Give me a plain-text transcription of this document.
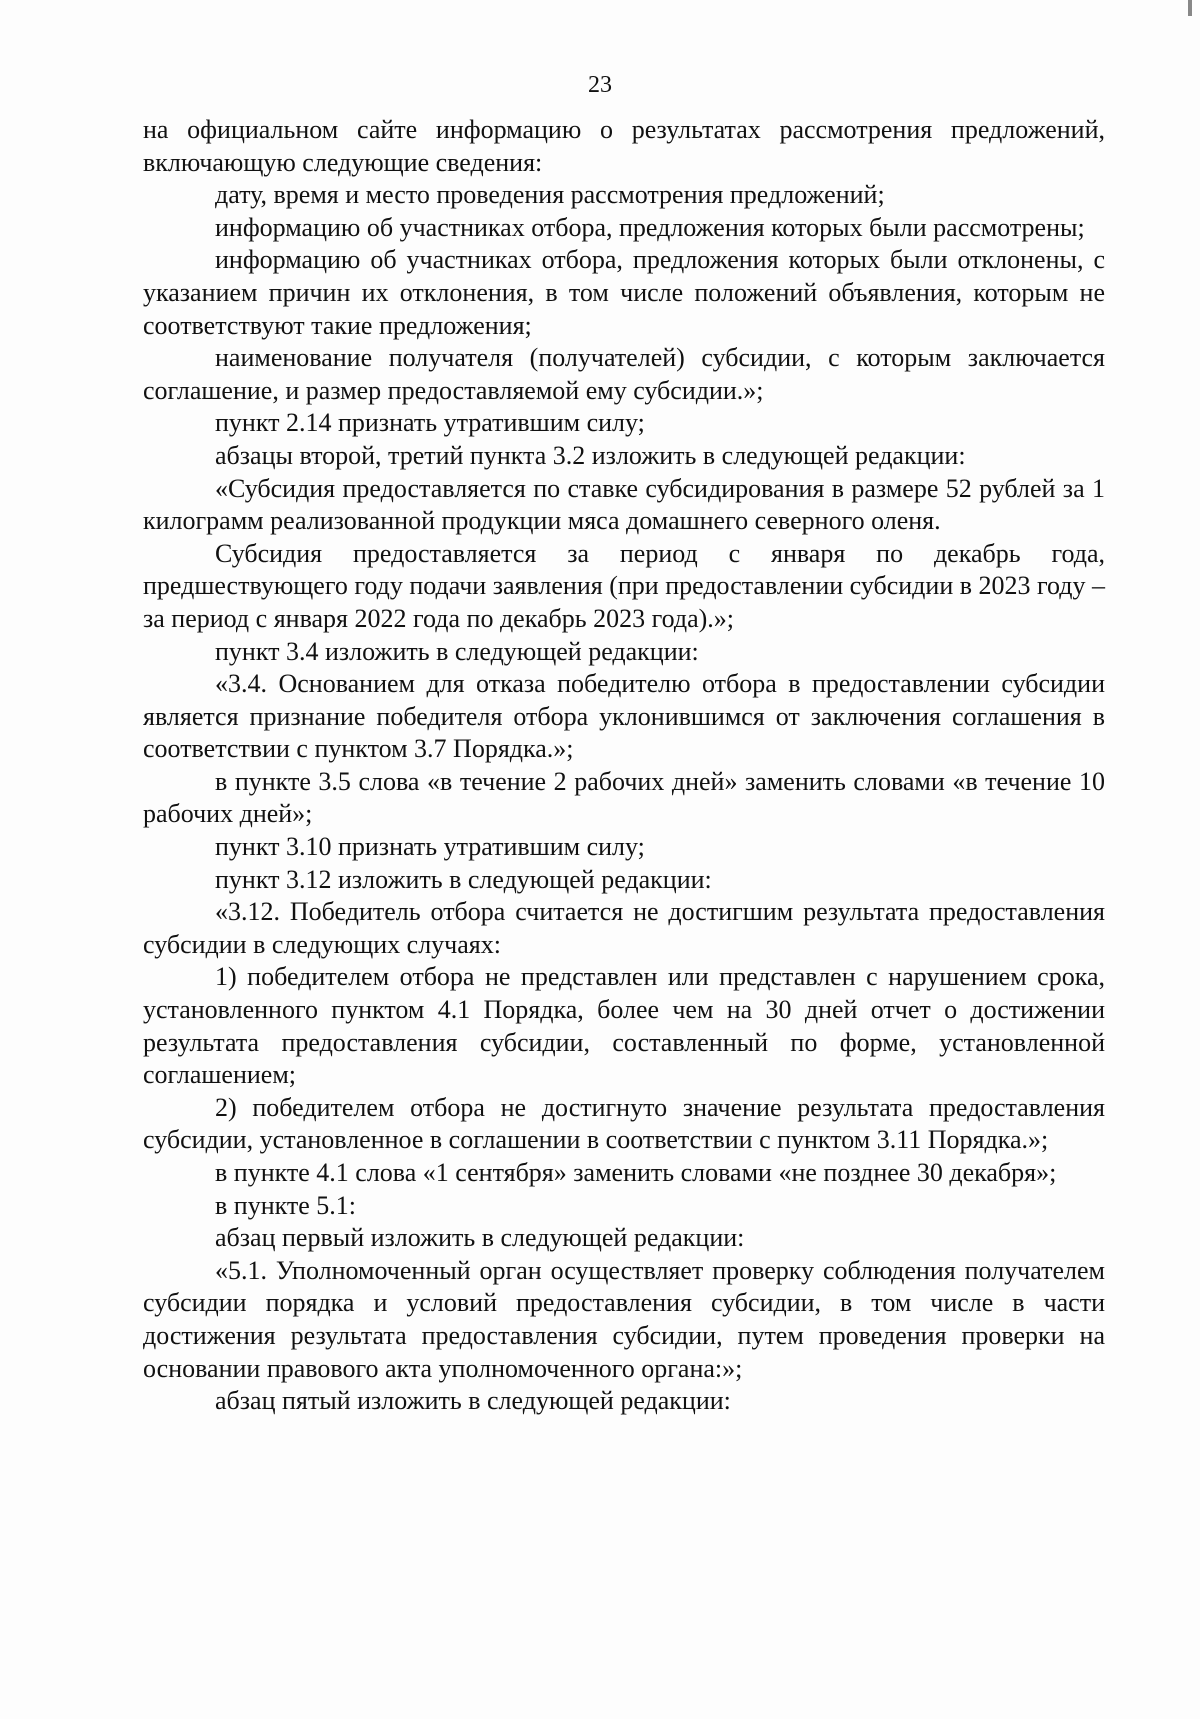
23

на официальном сайте информацию о результатах рассмотрения предложений, включающую следующие сведения:

дату, время и место проведения рассмотрения предложений;

информацию об участниках отбора, предложения которых были рассмотрены;

информацию об участниках отбора, предложения которых были отклонены, с указанием причин их отклонения, в том числе положений объявления, которым не соответствуют такие предложения;

наименование получателя (получателей) субсидии, с которым заключается соглашение, и размер предоставляемой ему субсидии.»;

пункт 2.14 признать утратившим силу;

абзацы второй, третий пункта 3.2 изложить в следующей редакции:

«Субсидия предоставляется по ставке субсидирования в размере 52 рублей за 1 килограмм реализованной продукции мяса домашнего северного оленя.

Субсидия предоставляется за период с января по декабрь года, предшествующего году подачи заявления (при предоставлении субсидии в 2023 году – за период с января 2022 года по декабрь 2023 года).»;

пункт 3.4 изложить в следующей редакции:

«3.4. Основанием для отказа победителю отбора в предоставлении субсидии является признание победителя отбора уклонившимся от заключения соглашения в соответствии с пунктом 3.7 Порядка.»;

в пункте 3.5 слова «в течение 2 рабочих дней» заменить словами «в течение 10 рабочих дней»;

пункт 3.10 признать утратившим силу;

пункт 3.12 изложить в следующей редакции:

«3.12. Победитель отбора считается не достигшим результата предоставления субсидии в следующих случаях:

1) победителем отбора не представлен или представлен с нарушением срока, установленного пунктом 4.1 Порядка, более чем на 30 дней отчет о достижении результата предоставления субсидии, составленный по форме, установленной соглашением;

2) победителем отбора не достигнуто значение результата предоставления субсидии, установленное в соглашении в соответствии с пунктом 3.11 Порядка.»;

в пункте 4.1 слова «1 сентября» заменить словами «не позднее 30 декабря»;

в пункте 5.1:

абзац первый изложить в следующей редакции:

«5.1. Уполномоченный орган осуществляет проверку соблюдения получателем субсидии порядка и условий предоставления субсидии, в том числе в части достижения результата предоставления субсидии, путем проведения проверки на основании правового акта уполномоченного органа:»;

абзац пятый изложить в следующей редакции:
